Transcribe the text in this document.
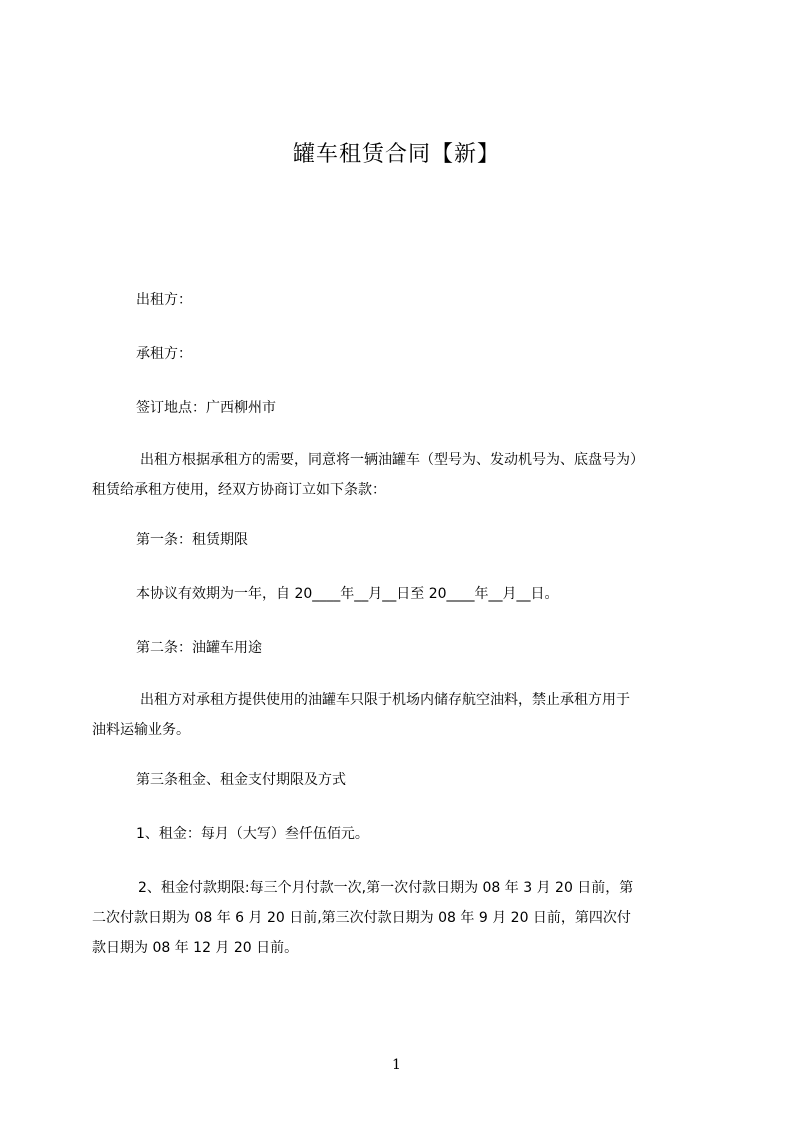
罐车租赁合同【新】
出租方：
承租方：
签订地点：广西柳州市
出租方根据承租方的需要，同意将一辆油罐车（型号为、发动机号为、底盘号为）
租赁给承租方使用，经双方协商订立如下条款：
第一条：租赁期限
本协议有效期为一年，自 20____年__月__日至 20____年__月__日。
第二条：油罐车用途
出租方对承租方提供使用的油罐车只限于机场内储存航空油料，禁止承租方用于
油料运输业务。
第三条租金、租金支付期限及方式
1、租金：每月（大写）叁仟伍佰元。
2、租金付款期限:每三个月付款一次,第一次付款日期为 08 年 3 月 20 日前，第
二次付款日期为 08 年 6 月 20 日前,第三次付款日期为 08 年 9 月 20 日前，第四次付
款日期为 08 年 12 月 20 日前。
1
